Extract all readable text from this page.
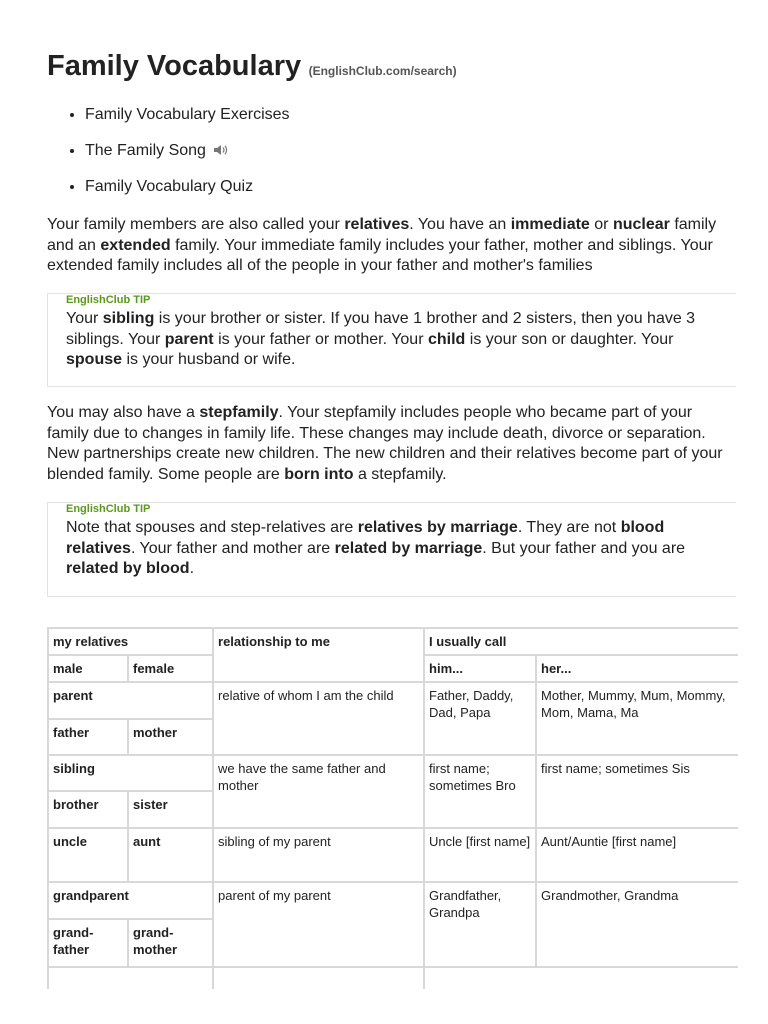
Family Vocabulary (EnglishClub.com/search)
• Family Vocabulary Exercises
• The Family Song
• Family Vocabulary Quiz
Your family members are also called your relatives. You have an immediate or nuclear family and an extended family. Your immediate family includes your father, mother and siblings. Your extended family includes all of the people in your father and mother's families
EnglishClub TIP
Your sibling is your brother or sister. If you have 1 brother and 2 sisters, then you have 3 siblings. Your parent is your father or mother. Your child is your son or daughter. Your spouse is your husband or wife.
You may also have a stepfamily. Your stepfamily includes people who became part of your family due to changes in family life. These changes may include death, divorce or separation. New partnerships create new children. The new children and their relatives become part of your blended family. Some people are born into a stepfamily.
EnglishClub TIP
Note that spouses and step-relatives are relatives by marriage. They are not blood relatives. Your father and mother are related by marriage. But your father and you are related by blood.
my relatives		relationship to me	I usually call	
male	female		him...	her...
parent		relative of whom I am the child	Father, Daddy, Dad, Papa	Mother, Mummy, Mum, Mommy, Mom, Mama, Ma
father	mother			
sibling		we have the same father and mother	first name; sometimes Bro	first name; sometimes Sis
brother	sister			
uncle	aunt	sibling of my parent	Uncle [first name]	Aunt/Auntie [first name]
grandparent		parent of my parent	Grandfather, Grandpa	Grandmother, Grandma
grand-father	grand-mother			
